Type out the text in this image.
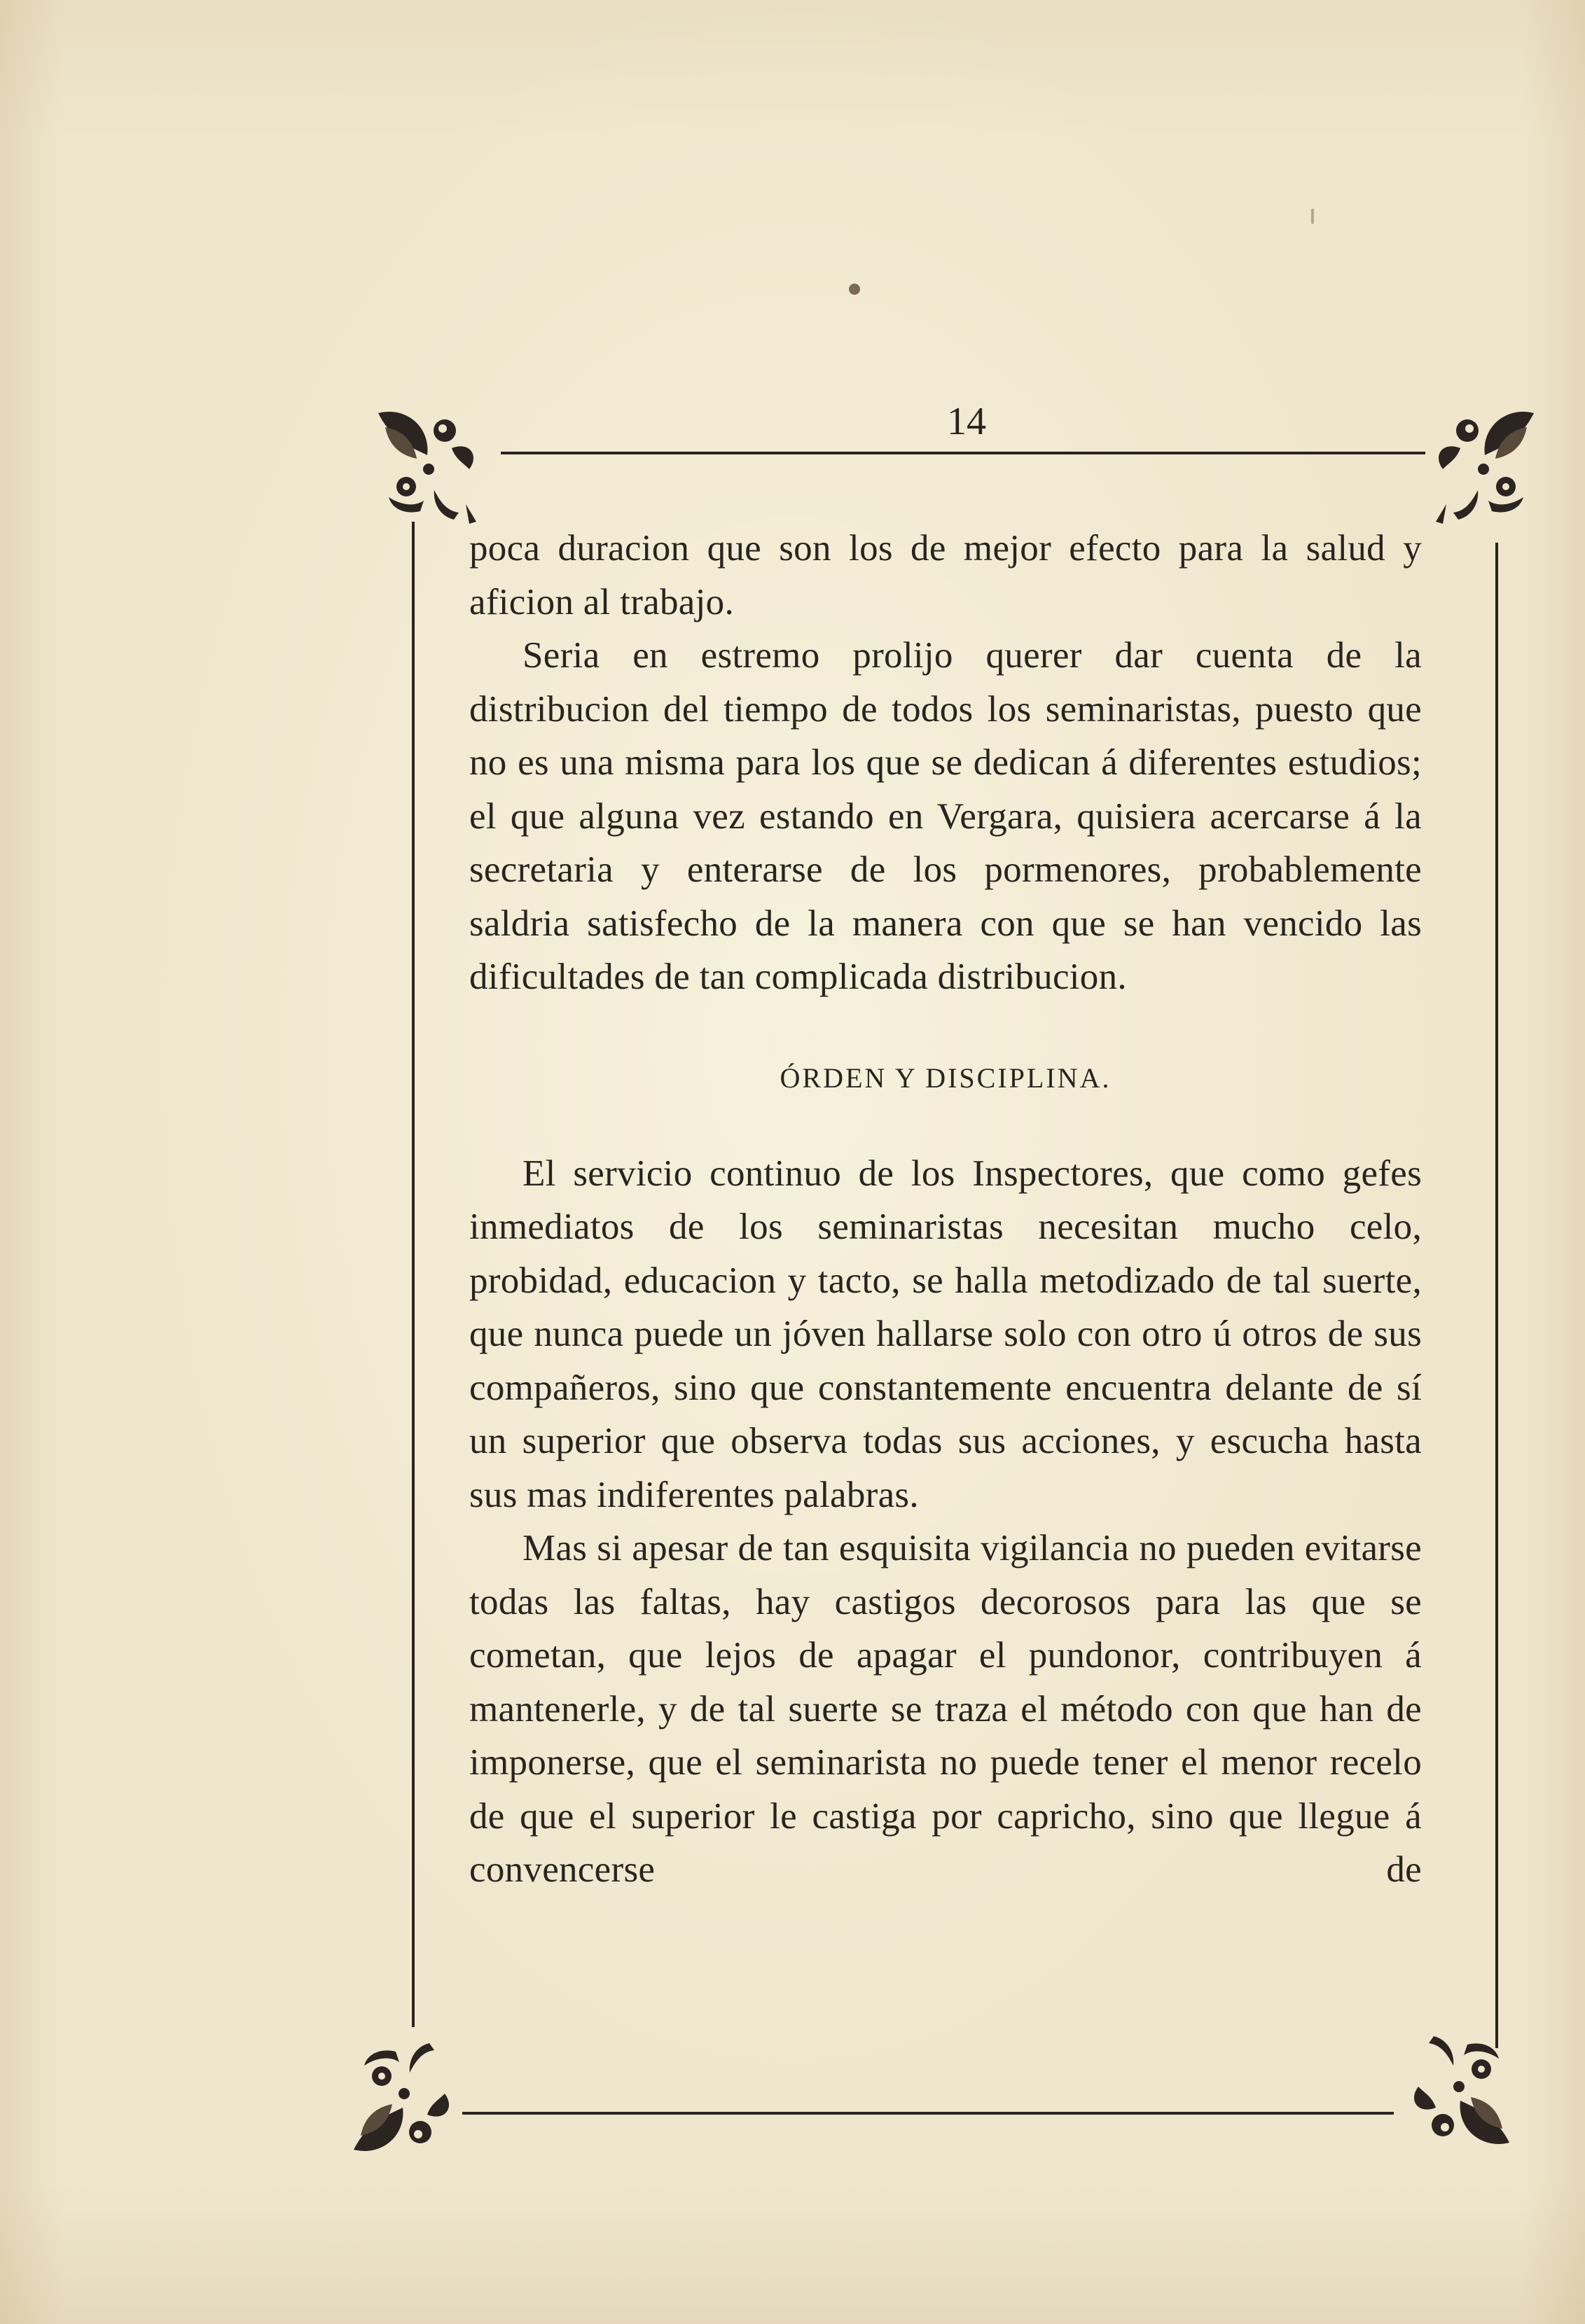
14

poca duracion que son los de mejor efecto para la salud y aficion al trabajo.

Seria en estremo prolijo querer dar cuenta de la distribucion del tiempo de todos los seminaristas, puesto que no es una misma para los que se dedican á diferentes estudios; el que alguna vez estando en Vergara, quisiera acercarse á la secretaria y enterarse de los pormenores, probablemente saldria satisfecho de la manera con que se han vencido las dificultades de tan complicada distribucion.

ÓRDEN Y DISCIPLINA.

El servicio continuo de los Inspectores, que como gefes inmediatos de los seminaristas necesitan mucho celo, probidad, educacion y tacto, se halla metodizado de tal suerte, que nunca puede un jóven hallarse solo con otro ú otros de sus compañeros, sino que constantemente encuentra delante de sí un superior que observa todas sus acciones, y escucha hasta sus mas indiferentes palabras.

Mas si apesar de tan esquisita vigilancia no pueden evitarse todas las faltas, hay castigos decorosos para las que se cometan, que lejos de apagar el pundonor, contribuyen á mantenerle, y de tal suerte se traza el método con que han de imponerse, que el seminarista no puede tener el menor recelo de que el superior le castiga por capricho, sino que llegue á convencerse de
